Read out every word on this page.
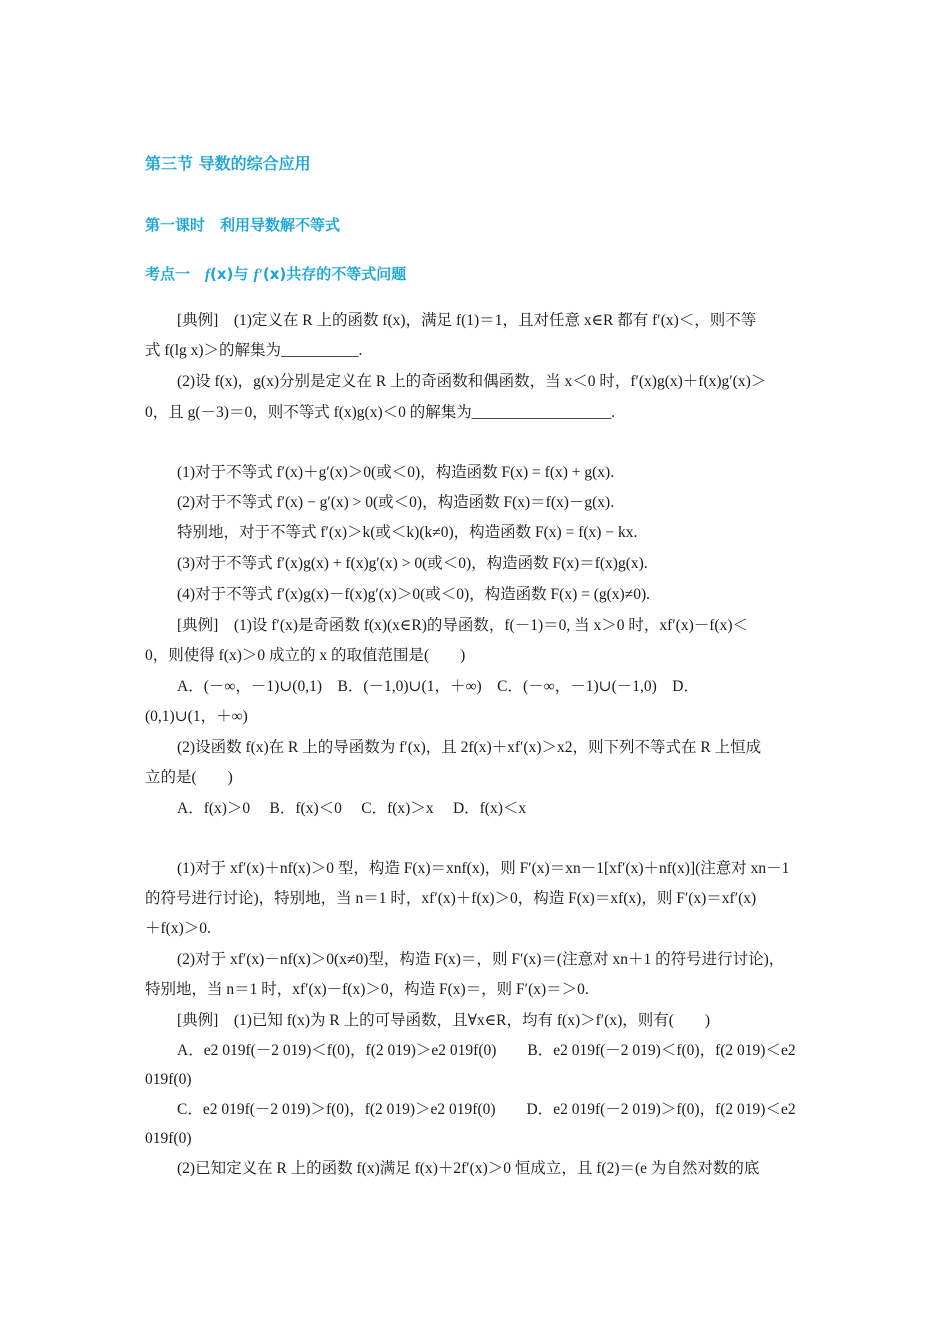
第三节 导数的综合应用
第一课时　利用导数解不等式
考点一　f(x)与 f′(x)共存的不等式问题
[典例]　(1)定义在 R 上的函数 f(x)，满足 f(1)＝1，且对任意 x∈R 都有 f′(x)＜，则不等
式 f(lg x)＞的解集为__________.
(2)设 f(x)，g(x)分别是定义在 R 上的奇函数和偶函数，当 x＜0 时，f′(x)g(x)＋f(x)g′(x)＞
0，且 g(－3)＝0，则不等式 f(x)g(x)＜0 的解集为__________________.
(1)对于不等式 f′(x)＋g′(x)＞0(或＜0)，构造函数 F(x) = f(x) + g(x).
(2)对于不等式 f′(x) − g′(x) > 0(或＜0)，构造函数 F(x)＝f(x)－g(x).
特别地，对于不等式 f′(x)＞k(或＜k)(k≠0)，构造函数 F(x) = f(x) − kx.
(3)对于不等式 f′(x)g(x) + f(x)g′(x) > 0(或＜0)，构造函数 F(x)＝f(x)g(x).
(4)对于不等式 f′(x)g(x)－f(x)g′(x)＞0(或＜0)，构造函数 F(x) = (g(x)≠0).
[典例]　(1)设 f′(x)是奇函数 f(x)(x∈R)的导函数，f(－1)＝0, 当 x＞0 时，xf′(x)－f(x)＜
0，则使得 f(x)＞0 成立的 x 的取值范围是(　　)
A．(－∞，－1)∪(0,1)　B．(－1,0)∪(1，＋∞)　C．(－∞，－1)∪(－1,0)　D．
(0,1)∪(1，＋∞)
(2)设函数 f(x)在 R 上的导函数为 f′(x)，且 2f(x)＋xf′(x)＞x2，则下列不等式在 R 上恒成
立的是(　　)
A．f(x)＞0　 B．f(x)＜0　 C．f(x)＞x　 D．f(x)＜x
(1)对于 xf′(x)＋nf(x)＞0 型，构造 F(x)＝xnf(x)，则 F′(x)＝xn－1[xf′(x)＋nf(x)](注意对 xn－1
的符号进行讨论)，特别地，当 n＝1 时，xf′(x)＋f(x)＞0，构造 F(x)＝xf(x)，则 F′(x)＝xf′(x)
＋f(x)＞0.
(2)对于 xf′(x)－nf(x)＞0(x≠0)型，构造 F(x)＝，则 F′(x)＝(注意对 xn＋1 的符号进行讨论)，
特别地，当 n＝1 时，xf′(x)－f(x)＞0，构造 F(x)＝，则 F′(x)＝＞0.
[典例]　(1)已知 f(x)为 R 上的可导函数，且∀x∈R，均有 f(x)＞f′(x)，则有(　　)
A．e2 019f(－2 019)＜f(0)，f(2 019)＞e2 019f(0)　　B．e2 019f(－2 019)＜f(0)，f(2 019)＜e2
019f(0)
C．e2 019f(－2 019)＞f(0)，f(2 019)＞e2 019f(0)　　D．e2 019f(－2 019)＞f(0)，f(2 019)＜e2
019f(0)
(2)已知定义在 R 上的函数 f(x)满足 f(x)＋2f′(x)＞0 恒成立，且 f(2)＝(e 为自然对数的底
